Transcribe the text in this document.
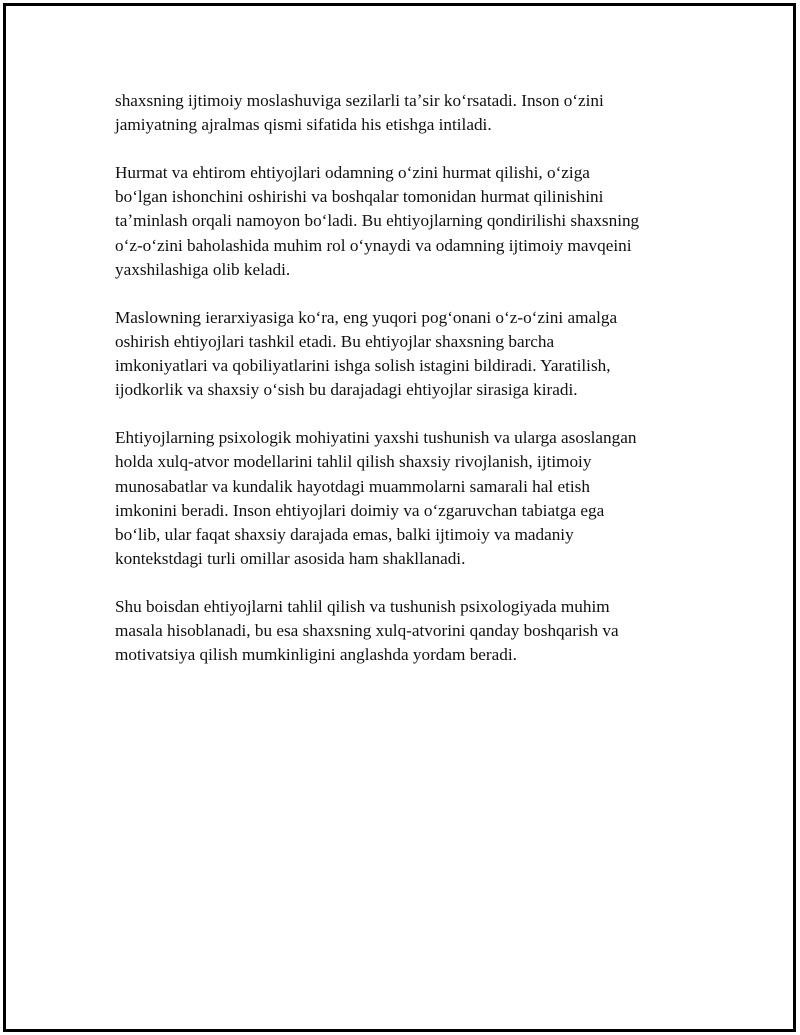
shaxsning ijtimoiy moslashuviga sezilarli taʼsir koʻrsatadi. Inson oʻzini
jamiyatning ajralmas qismi sifatida his etishga intiladi.

Hurmat va ehtirom ehtiyojlari odamning oʻzini hurmat qilishi, oʻziga
boʻlgan ishonchini oshirishi va boshqalar tomonidan hurmat qilinishini
taʼminlash orqali namoyon boʻladi. Bu ehtiyojlarning qondirilishi shaxsning
oʻz-oʻzini baholashida muhim rol oʻynaydi va odamning ijtimoiy mavqeini
yaxshilashiga olib keladi.

Maslowning ierarxiyasiga koʻra, eng yuqori pogʻonani oʻz-oʻzini amalga
oshirish ehtiyojlari tashkil etadi. Bu ehtiyojlar shaxsning barcha
imkoniyatlari va qobiliyatlarini ishga solish istagini bildiradi. Yaratilish,
ijodkorlik va shaxsiy oʻsish bu darajadagi ehtiyojlar sirasiga kiradi.

Ehtiyojlarning psixologik mohiyatini yaxshi tushunish va ularga asoslangan
holda xulq-atvor modellarini tahlil qilish shaxsiy rivojlanish, ijtimoiy
munosabatlar va kundalik hayotdagi muammolarni samarali hal etish
imkonini beradi. Inson ehtiyojlari doimiy va oʻzgaruvchan tabiatga ega
boʻlib, ular faqat shaxsiy darajada emas, balki ijtimoiy va madaniy
kontekstdagi turli omillar asosida ham shakllanadi.

Shu boisdan ehtiyojlarni tahlil qilish va tushunish psixologiyada muhim
masala hisoblanadi, bu esa shaxsning xulq-atvorini qanday boshqarish va
motivatsiya qilish mumkinligini anglashda yordam beradi.
